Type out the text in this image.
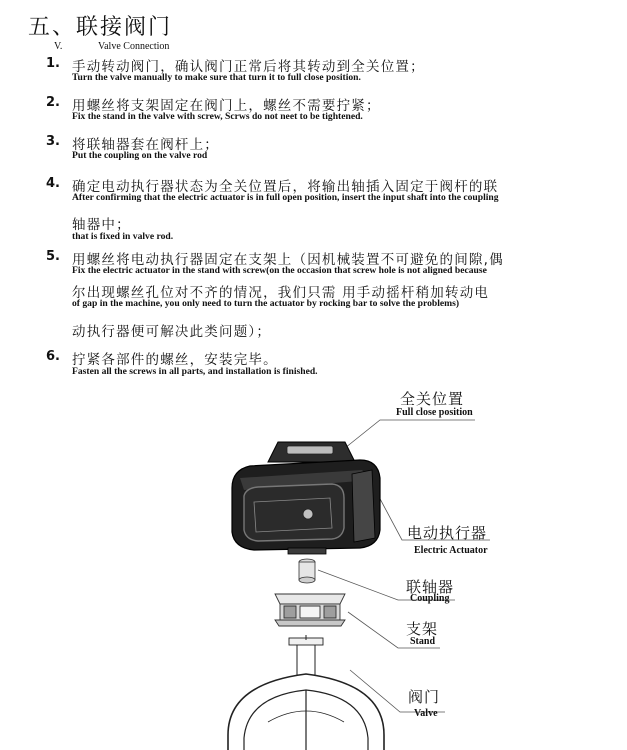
五、联接阀门
V.	Valve Connection
1. 手动转动阀门，确认阀门正常后将其转动到全关位置；
Turn the valve manually to make sure that turn it to full close position.
2. 用螺丝将支架固定在阀门上，螺丝不需要拧紧；
Fix the stand in the valve with screw, Scrws do not neet to be tightened.
3. 将联轴器套在阀杆上；
Put the coupling on the valve rod
4. 确定电动执行器状态为全关位置后，将输出轴插入固定于阀杆的联
After confirming that the electric actuator is in full open position, insert the input shaft into the coupling
轴器中；
that is fixed in valve rod.
5. 用螺丝将电动执行器固定在支架上（因机械装置不可避免的间隙,偶
Fix the electric actuator in the stand with screw(on the occasion that screw hole is not aligned because
尔出现螺丝孔位对不齐的情况，我们只需 用手动摇杆稍加转动电
of gap in the machine, you only need to turn the actuator by rocking bar to solve the problems)
动执行器便可解决此类问题）；
6. 拧紧各部件的螺丝，安装完毕。
Fasten all the screws in all parts, and installation is finished.
全关位置
Full close position
电动执行器
Electric Actuator
联轴器
Coupling
支架
Stand
阀门
Valve
